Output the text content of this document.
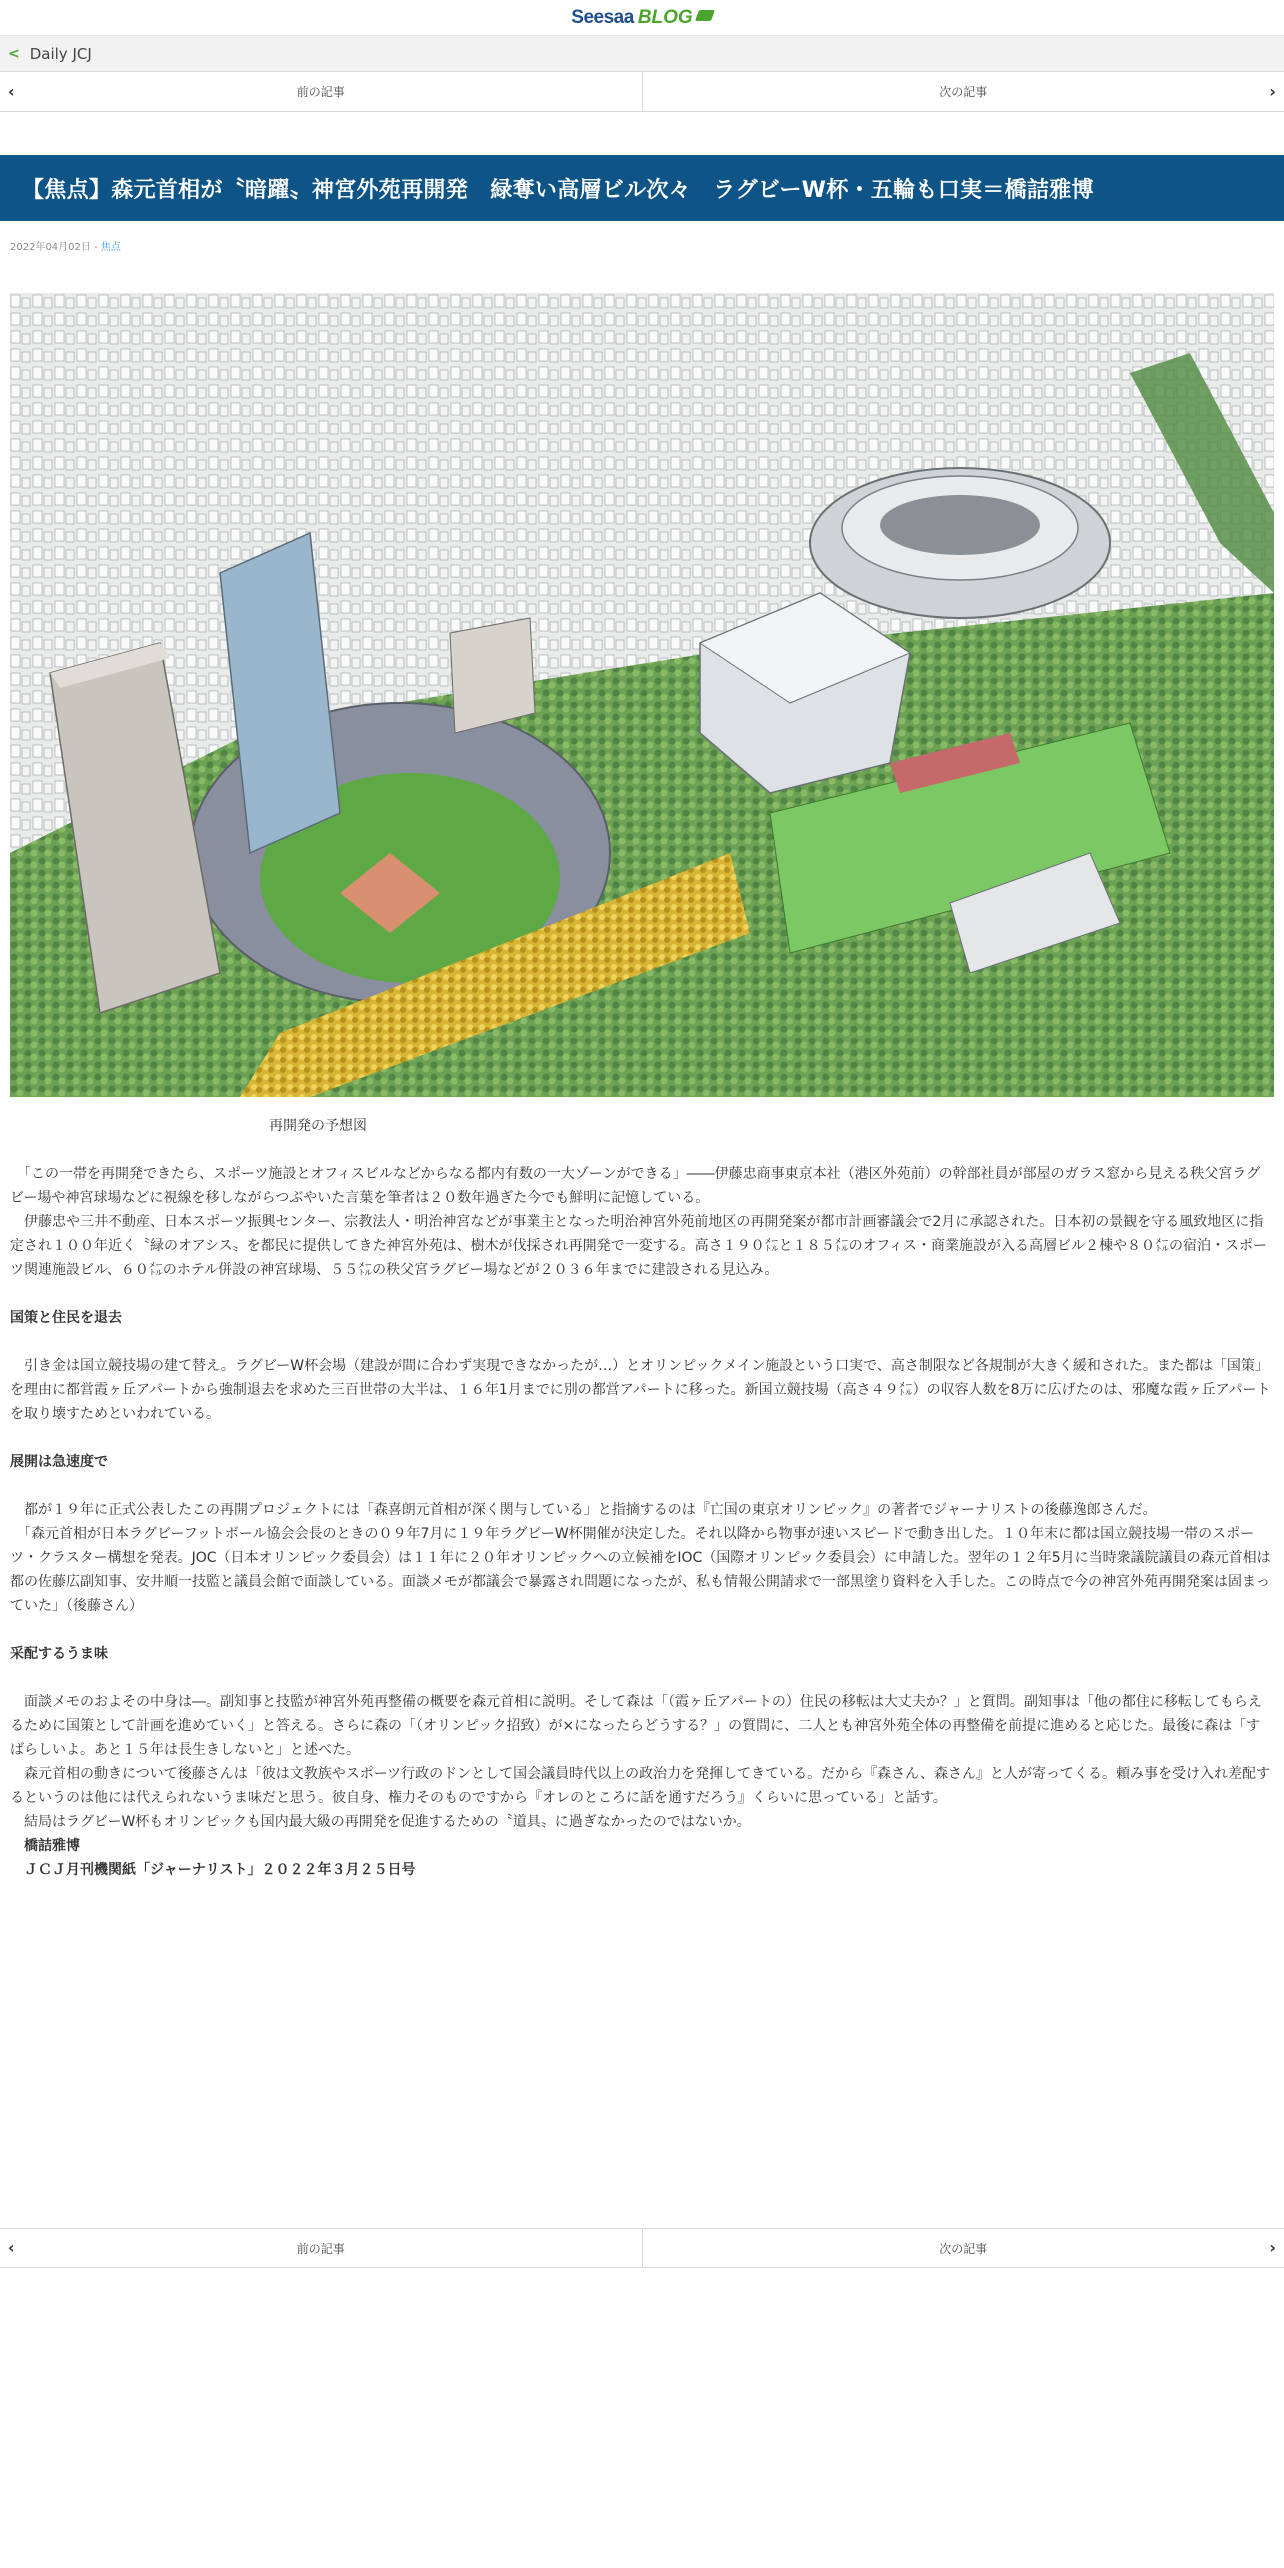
Seesaa BLOG
< Daily JCJ
‹	前の記事	次の記事	›
【焦点】森元首相が〝暗躍〟神宮外苑再開発　緑奪い高層ビル次々　ラグビーW杯・五輪も口実＝橋詰雅博
2022年04月02日 - 焦点
再開発の予想図

　「この一帯を再開発できたら、スポーツ施設とオフィスビルなどからなる都内有数の一大ゾーンができる」――伊藤忠商事東京本社（港区外苑前）の幹部社員が部屋のガラス窓から見える秩父宮ラグビー場や神宮球場などに視線を移しながらつぶやいた言葉を筆者は２０数年過ぎた今でも鮮明に記憶している。

　伊藤忠や三井不動産、日本スポーツ振興センター、宗教法人・明治神宮などが事業主となった明治神宮外苑前地区の再開発案が都市計画審議会で2月に承認された。日本初の景観を守る風致地区に指定され１００年近く〝緑のオアシス〟を都民に提供してきた神宮外苑は、樹木が伐採され再開発で一変する。高さ１９０㍍と１８５㍍のオフィス・商業施設が入る高層ビル２棟や８０㍍の宿泊・スポーツ関連施設ビル、６０㍍のホテル併設の神宮球場、５５㍍の秩父宮ラグビー場などが２０３６年までに建設される見込み。

国策と住民を退去

　引き金は国立競技場の建て替え。ラグビーW杯会場（建設が間に合わず実現できなかったが…）とオリンピックメイン施設という口実で、高さ制限など各規制が大きく緩和された。また都は「国策」を理由に都営霞ヶ丘アパートから強制退去を求めた三百世帯の大半は、１６年1月までに別の都営アパートに移った。新国立競技場（高さ４９㍍）の収容人数を8万に広げたのは、邪魔な霞ヶ丘アパートを取り壊すためといわれている。

展開は急速度で

　都が１９年に正式公表したこの再開プロジェクトには「森喜朗元首相が深く関与している」と指摘するのは『亡国の東京オリンピック』の著者でジャーナリストの後藤逸郎さんだ。

　「森元首相が日本ラグビーフットボール協会会長のときの０９年7月に１９年ラグビーW杯開催が決定した。それ以降から物事が速いスピードで動き出した。１０年末に都は国立競技場一帯のスポーツ・クラスター構想を発表。JOC（日本オリンピック委員会）は１１年に２０年オリンピックへの立候補をIOC（国際オリンピック委員会）に申請した。翌年の１２年5月に当時衆議院議員の森元首相は都の佐藤広副知事、安井順一技監と議員会館で面談している。面談メモが都議会で暴露され問題になったが、私も情報公開請求で一部黒塗り資料を入手した。この時点で今の神宮外苑再開発案は固まっていた」（後藤さん）

采配するうま味

　面談メモのおよその中身は―。副知事と技監が神宮外苑再整備の概要を森元首相に説明。そして森は「（霞ヶ丘アパートの）住民の移転は大丈夫か？」と質問。副知事は「他の都住に移転してもらえるために国策として計画を進めていく」と答える。さらに森の「（オリンピック招致）が×になったらどうする？」の質問に、二人とも神宮外苑全体の再整備を前提に進めると応じた。最後に森は「すばらしいよ。あと１５年は長生きしないと」と述べた。

　森元首相の動きについて後藤さんは「彼は文教族やスポーツ行政のドンとして国会議員時代以上の政治力を発揮してきている。だから『森さん、森さん』と人が寄ってくる。頼み事を受け入れ差配するというのは他には代えられないうま味だと思う。彼自身、権力そのものですから『オレのところに話を通すだろう』くらいに思っている」と話す。

　結局はラグビーW杯もオリンピックも国内最大級の再開発を促進するための〝道具〟に過ぎなかったのではないか。

　橋詰雅博

　ＪＣＪ月刊機関紙「ジャーナリスト」２０２２年３月２５日号

‹	前の記事	次の記事	›
